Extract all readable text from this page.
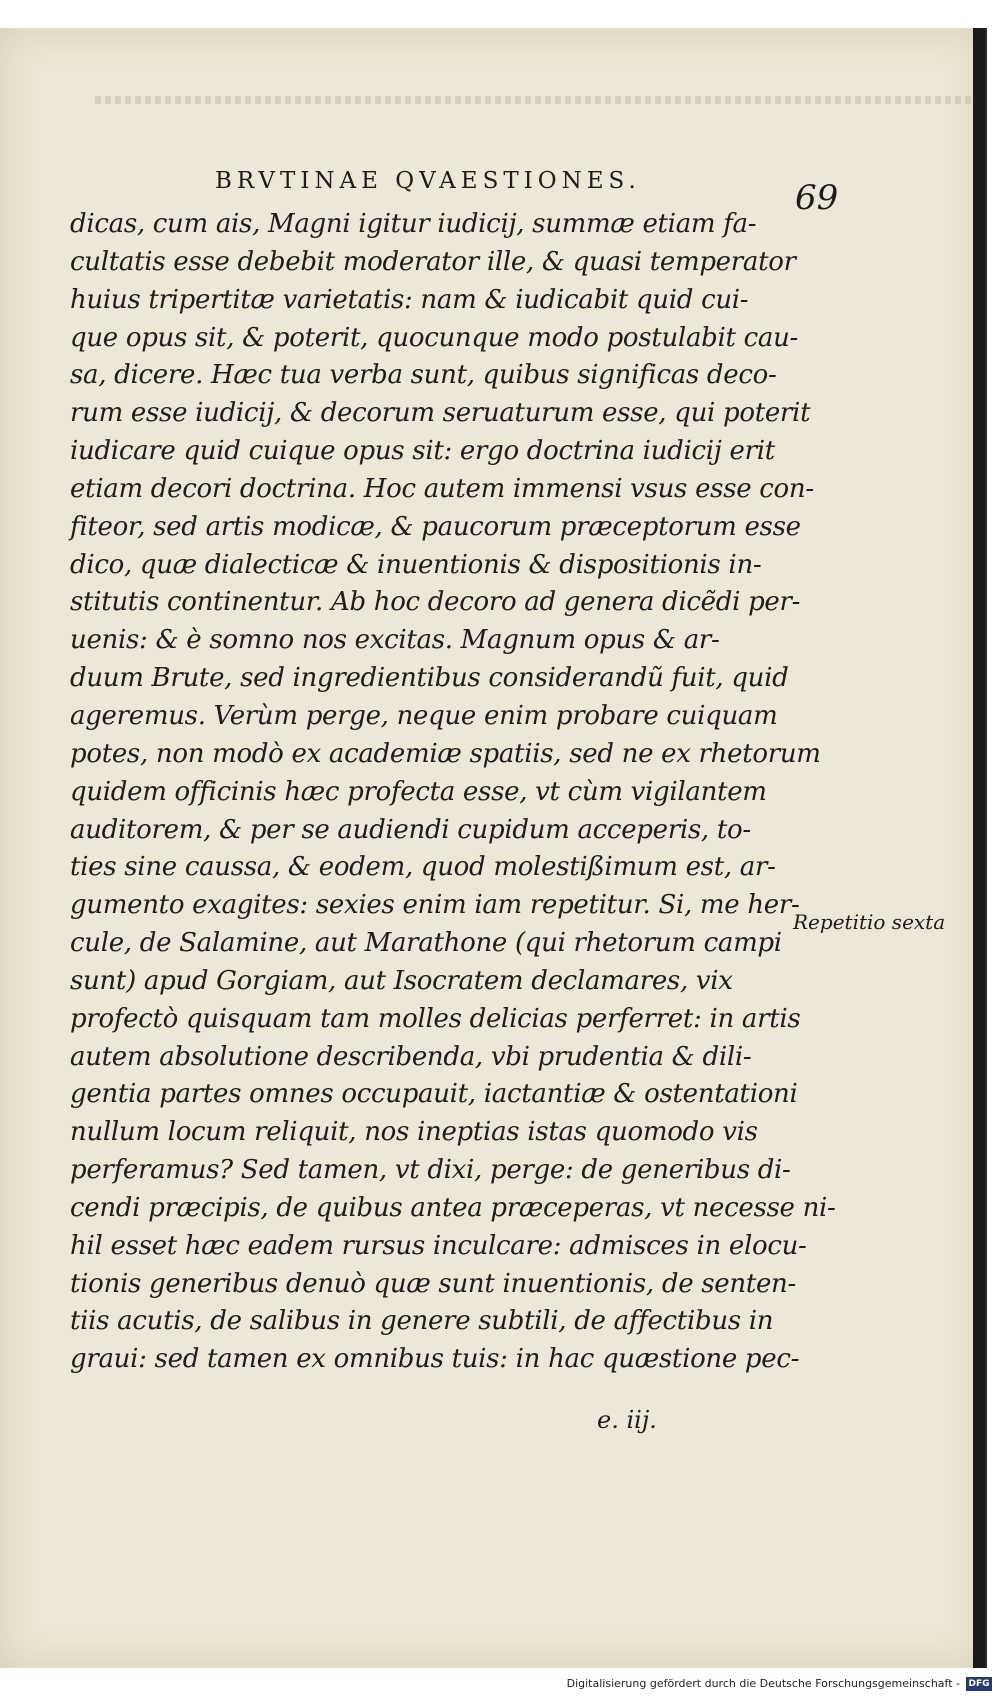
BRVTINAE QVAESTIONES.	69
dicas, cum ais, Magni igitur iudicij, summæ etiam fa-
cultatis esse debebit moderator ille, & quasi temperator
huius tripertitæ varietatis: nam & iudicabit quid cui-
que opus sit, & poterit, quocunque modo postulabit cau-
sa, dicere. Hæc tua verba sunt, quibus significas deco-
rum esse iudicij, & decorum seruaturum esse, qui poterit
iudicare quid cuique opus sit: ergo doctrina iudicij erit
etiam decori doctrina. Hoc autem immensi vsus esse con-
fiteor, sed artis modicæ, & paucorum præceptorum esse
dico, quæ dialecticæ & inuentionis & dispositionis in-
stitutis continentur. Ab hoc decoro ad genera dicẽdi per-
uenis: & è somno nos excitas. Magnum opus & ar-
duum Brute, sed ingredientibus considerandũ fuit, quid
ageremus. Verùm perge, neque enim probare cuiquam
potes, non modò ex academiæ spatiis, sed ne ex rhetorum
quidem officinis hæc profecta esse, vt cùm vigilantem
auditorem, & per se audiendi cupidum acceperis, to-
ties sine caussa, & eodem, quod molestißimum est, ar-
gumento exagites: sexies enim iam repetitur. Si, me her-
cule, de Salamine, aut Marathone (qui rhetorum campi
sunt) apud Gorgiam, aut Isocratem declamares, vix
profectò quisquam tam molles delicias perferret: in artis
autem absolutione describenda, vbi prudentia & dili-
gentia partes omnes occupauit, iactantiæ & ostentationi
nullum locum reliquit, nos ineptias istas quomodo vis
perferamus? Sed tamen, vt dixi, perge: de generibus di-
cendi præcipis, de quibus antea præceperas, vt necesse ni-
hil esset hæc eadem rursus inculcare: admisces in elocu-
tionis generibus denuò quæ sunt inuentionis, de senten-
tiis acutis, de salibus in genere subtili, de affectibus in
graui: sed tamen ex omnibus tuis: in hac quæstione pec-
Repetitio sexta
e. iij.
Digitalisierung gefördert durch die Deutsche Forschungsgemeinschaft - DFG
